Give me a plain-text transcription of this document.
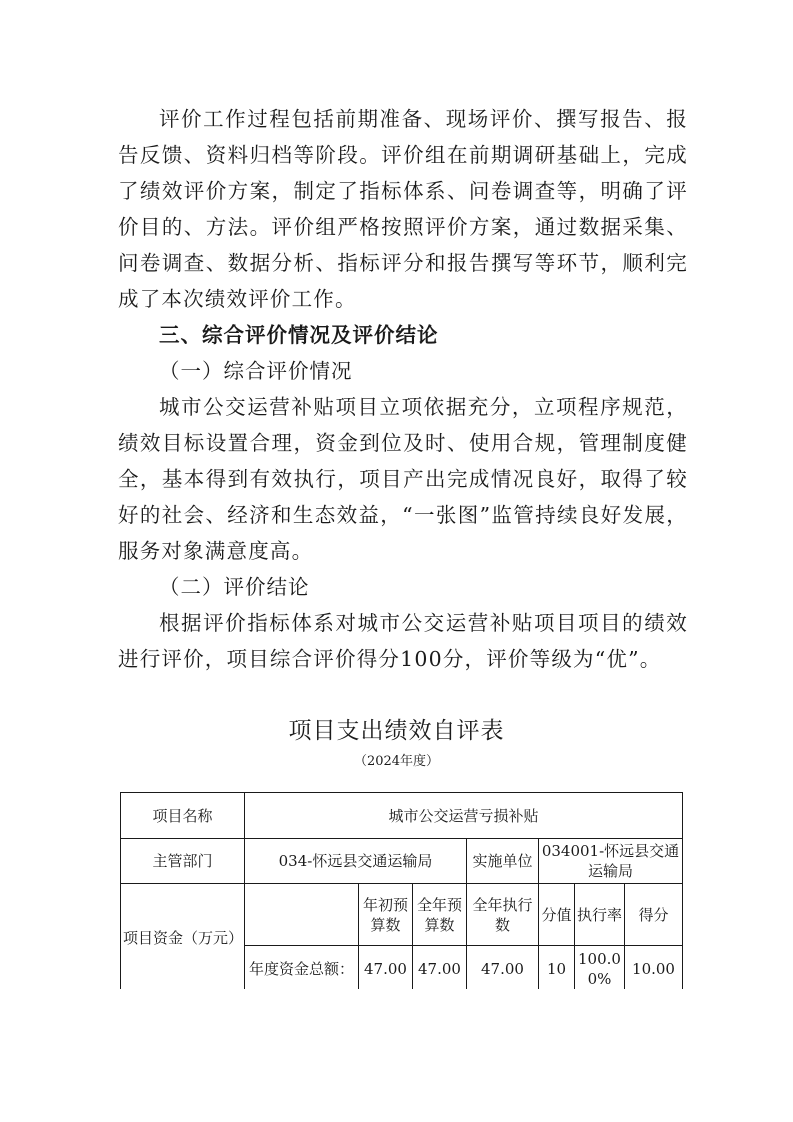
评价工作过程包括前期准备、现场评价、撰写报告、报告反馈、资料归档等阶段。评价组在前期调研基础上，完成了绩效评价方案，制定了指标体系、问卷调查等，明确了评价目的、方法。评价组严格按照评价方案，通过数据采集、问卷调查、数据分析、指标评分和报告撰写等环节，顺利完成了本次绩效评价工作。

三、综合评价情况及评价结论

（一）综合评价情况

城市公交运营补贴项目立项依据充分，立项程序规范，绩效目标设置合理，资金到位及时、使用合规，管理制度健全，基本得到有效执行，项目产出完成情况良好，取得了较好的社会、经济和生态效益，“一张图”监管持续良好发展，服务对象满意度高。

（二）评价结论

根据评价指标体系对城市公交运营补贴项目项目的绩效进行评价，项目综合评价得分100分，评价等级为“优”。

项目支出绩效自评表

（2024年度）

项目名称	城市公交运营亏损补贴						
主管部门	034-怀远县交通运输局			实施单位	034001-怀远县交通运输局		
项目资金（万元）		年初预算数	全年预算数	全年执行数	分值	执行率	得分
	年度资金总额：	47.00	47.00	47.00	10	100.00%	10.00
